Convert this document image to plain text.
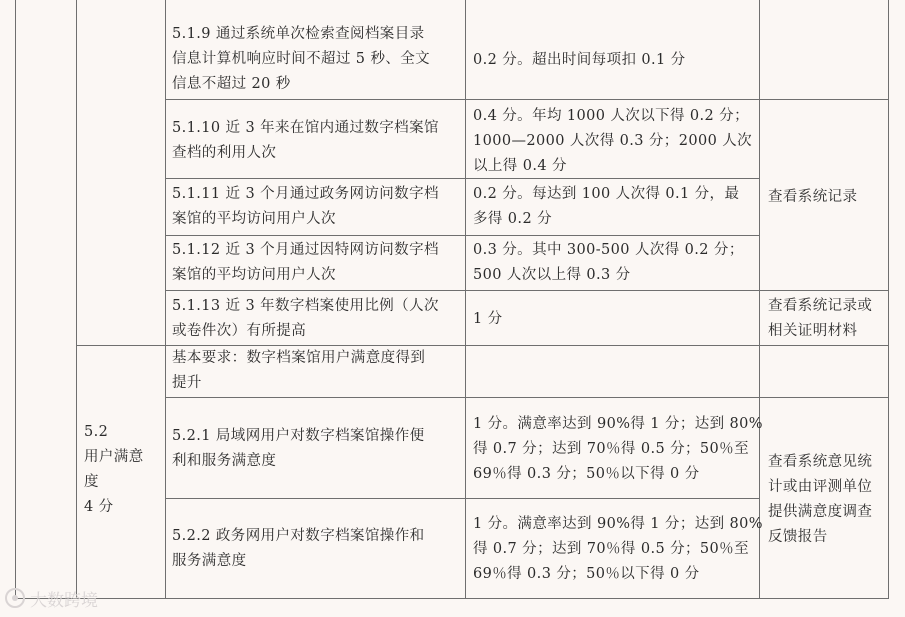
5.1.9 通过系统单次检索查阅档案目录
信息计算机响应时间不超过 5 秒、全文
信息不超过 20 秒
0.2 分。超出时间每项扣 0.1 分
5.1.10 近 3 年来在馆内通过数字档案馆
查档的利用人次
0.4 分。年均 1000 人次以下得 0.2 分；
1000—2000 人次得 0.3 分；2000 人次
以上得 0.4 分
5.1.11 近 3 个月通过政务网访问数字档
案馆的平均访问用户人次
0.2 分。每达到 100 人次得 0.1 分，最
多得 0.2 分
5.1.12 近 3 个月通过因特网访问数字档
案馆的平均访问用户人次
0.3 分。其中 300-500 人次得 0.2 分；
500 人次以上得 0.3 分
查看系统记录
5.1.13 近 3 年数字档案使用比例（人次
或卷件次）有所提高
1 分
查看系统记录或
相关证明材料
5.2
用户满意
度
4 分
基本要求：数字档案馆用户满意度得到
提升
5.2.1 局域网用户对数字档案馆操作便
利和服务满意度
1 分。满意率达到 90%得 1 分；达到 80%
得 0.7 分；达到 70％得 0.5 分；50％至
69％得 0.3 分；50％以下得 0 分
5.2.2 政务网用户对数字档案馆操作和
服务满意度
1 分。满意率达到 90%得 1 分；达到 80%
得 0.7 分；达到 70％得 0.5 分；50％至
69％得 0.3 分；50％以下得 0 分
查看系统意见统
计或由评测单位
提供满意度调查
反馈报告
大数跨境
